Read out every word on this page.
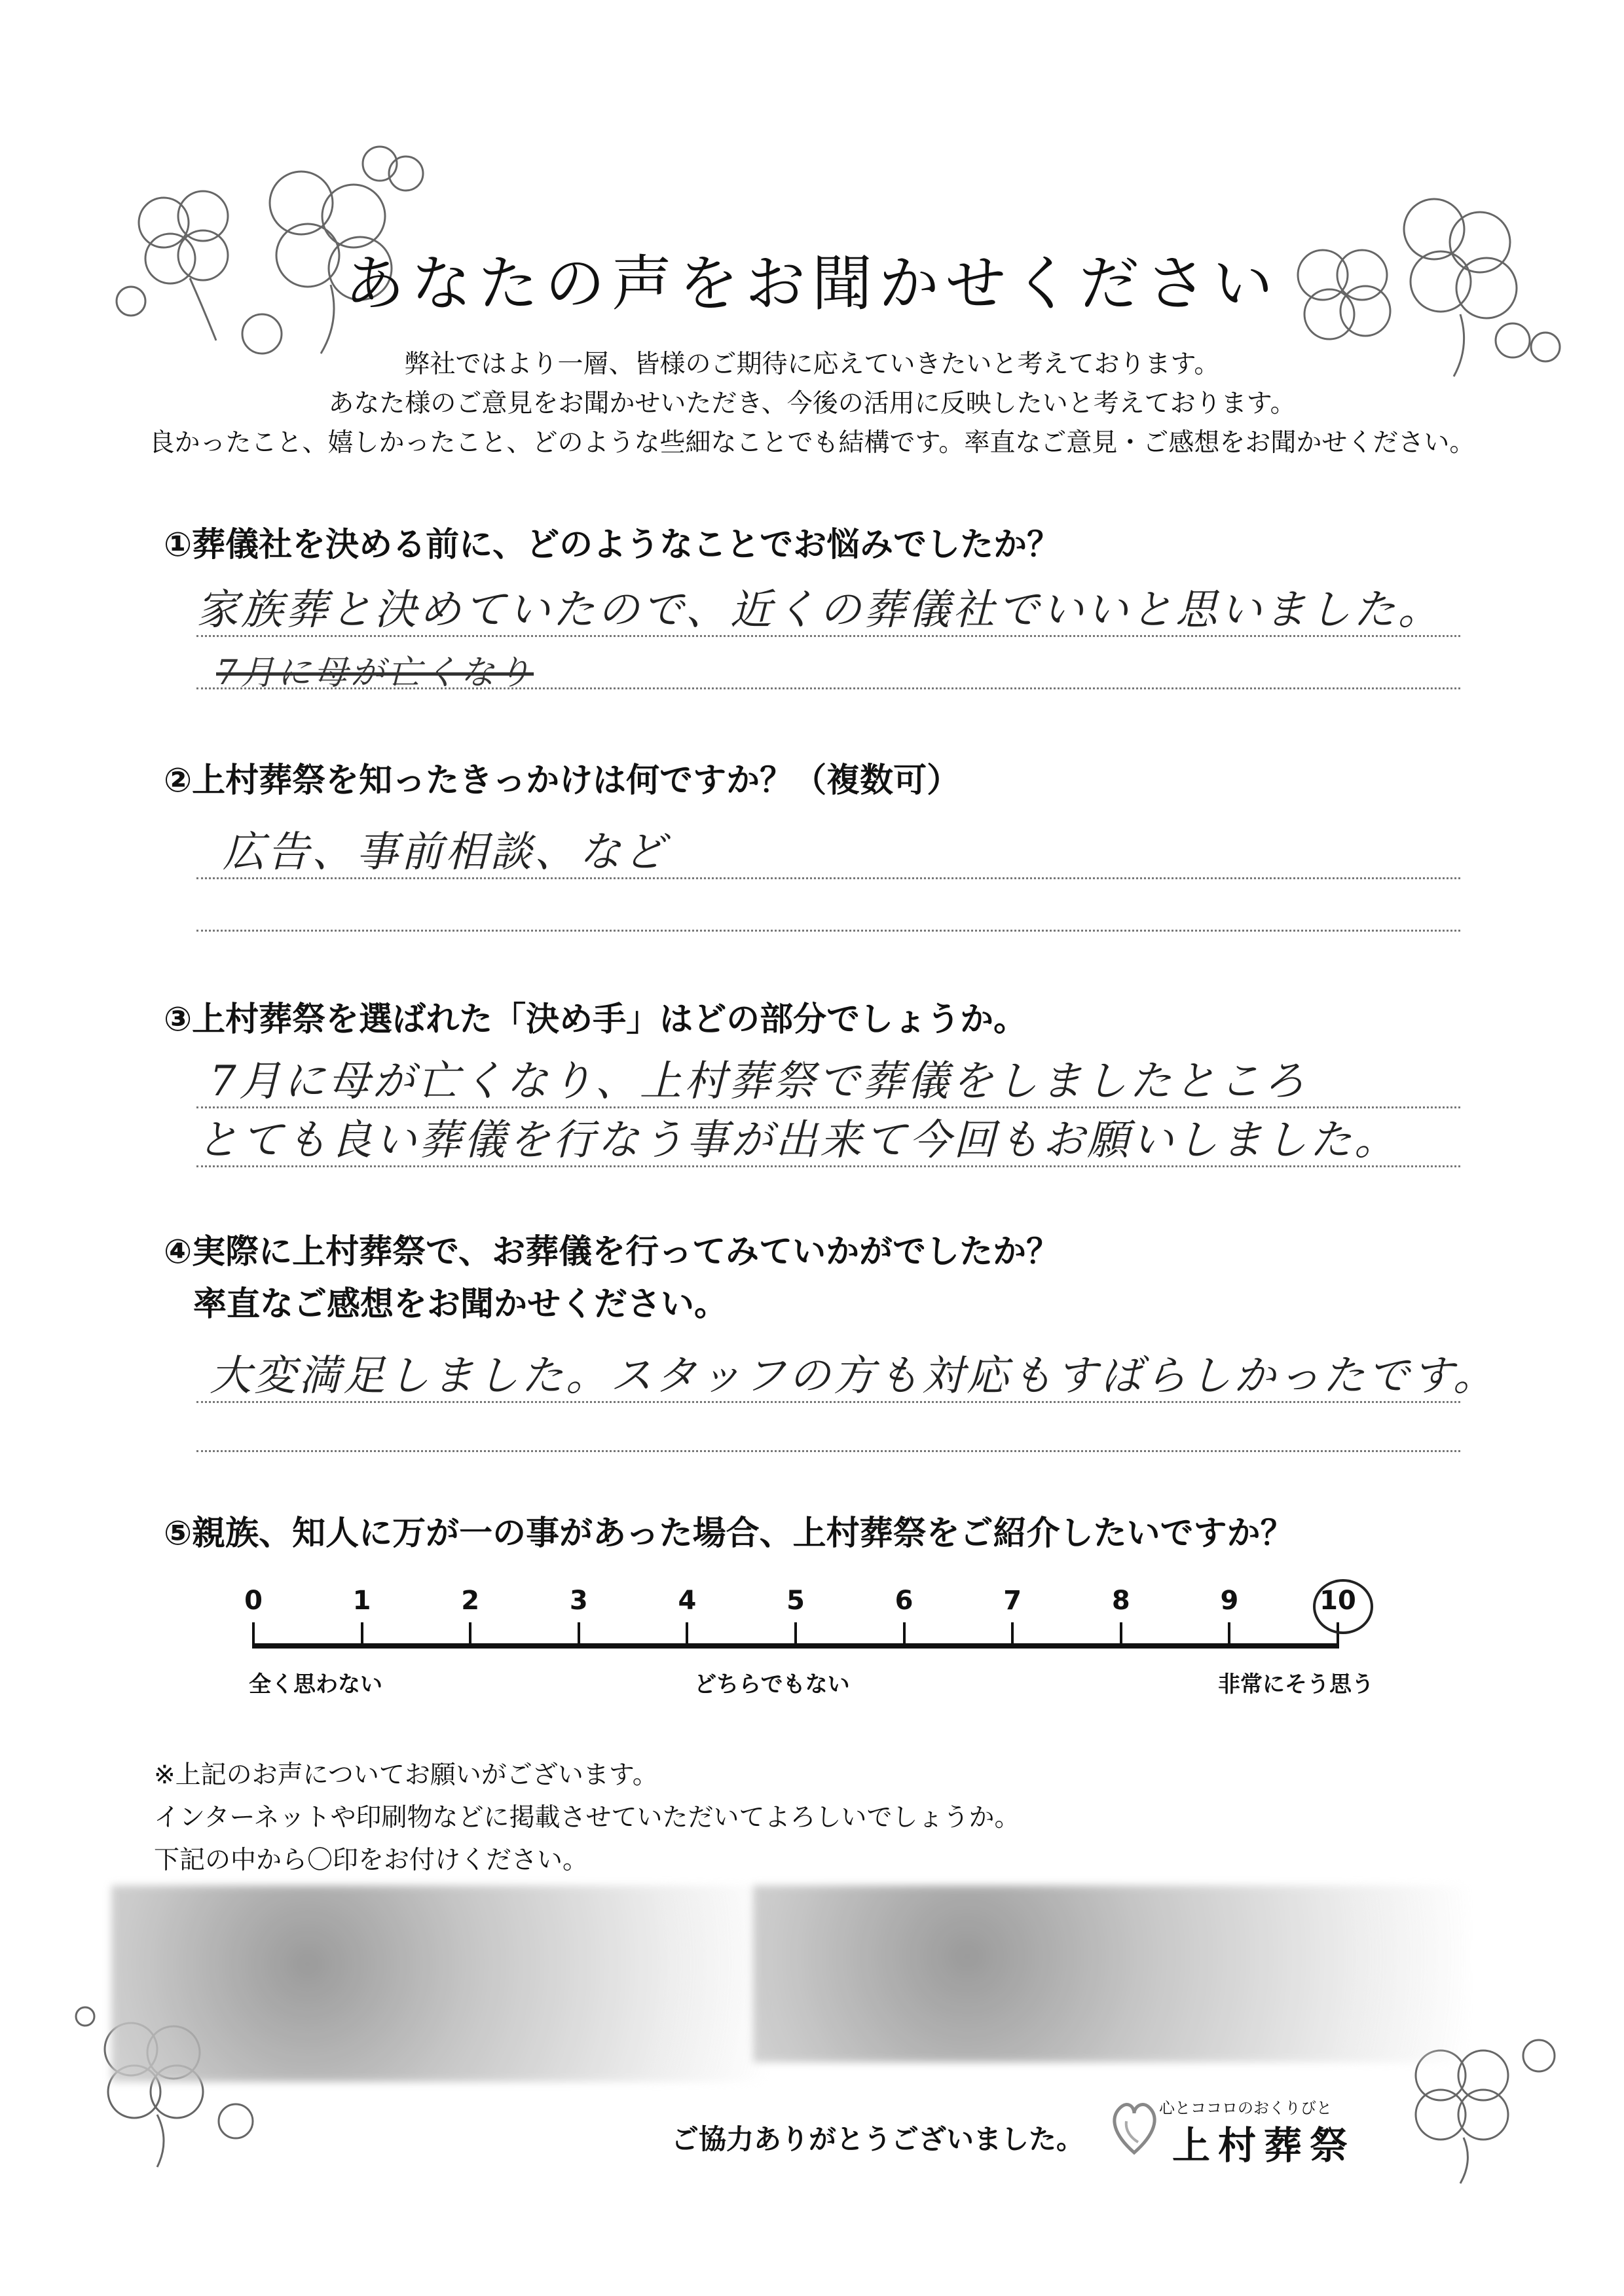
あなたの声をお聞かせください
弊社ではより一層、皆様のご期待に応えていきたいと考えております。
あなた様のご意見をお聞かせいただき、今後の活用に反映したいと考えております。
良かったこと、嬉しかったこと、どのような些細なことでも結構です。率直なご意見・ご感想をお聞かせください。
①葬儀社を決める前に、どのようなことでお悩みでしたか？
家族葬と決めていたので、近くの葬儀社でいいと思いました。
7月に母が亡くなり
②上村葬祭を知ったきっかけは何ですか？（複数可）
広告、事前相談、など
③上村葬祭を選ばれた「決め手」はどの部分でしょうか。
7月に母が亡くなり、上村葬祭で葬儀をしましたところ
とても良い葬儀を行なう事が出来て今回もお願いしました。
④実際に上村葬祭で、お葬儀を行ってみていかがでしたか？
率直なご感想をお聞かせください。
大変満足しました。スタッフの方も対応もすばらしかったです。
⑤親族、知人に万が一の事があった場合、上村葬祭をご紹介したいですか？
0	1	2	3	4	5	6	7	8	9	10
全く思わない	どちらでもない	非常にそう思う
※上記のお声についてお願いがございます。
インターネットや印刷物などに掲載させていただいてよろしいでしょうか。
下記の中から〇印をお付けください。
ご協力ありがとうございました。
心とココロのおくりびと
上村葬祭
